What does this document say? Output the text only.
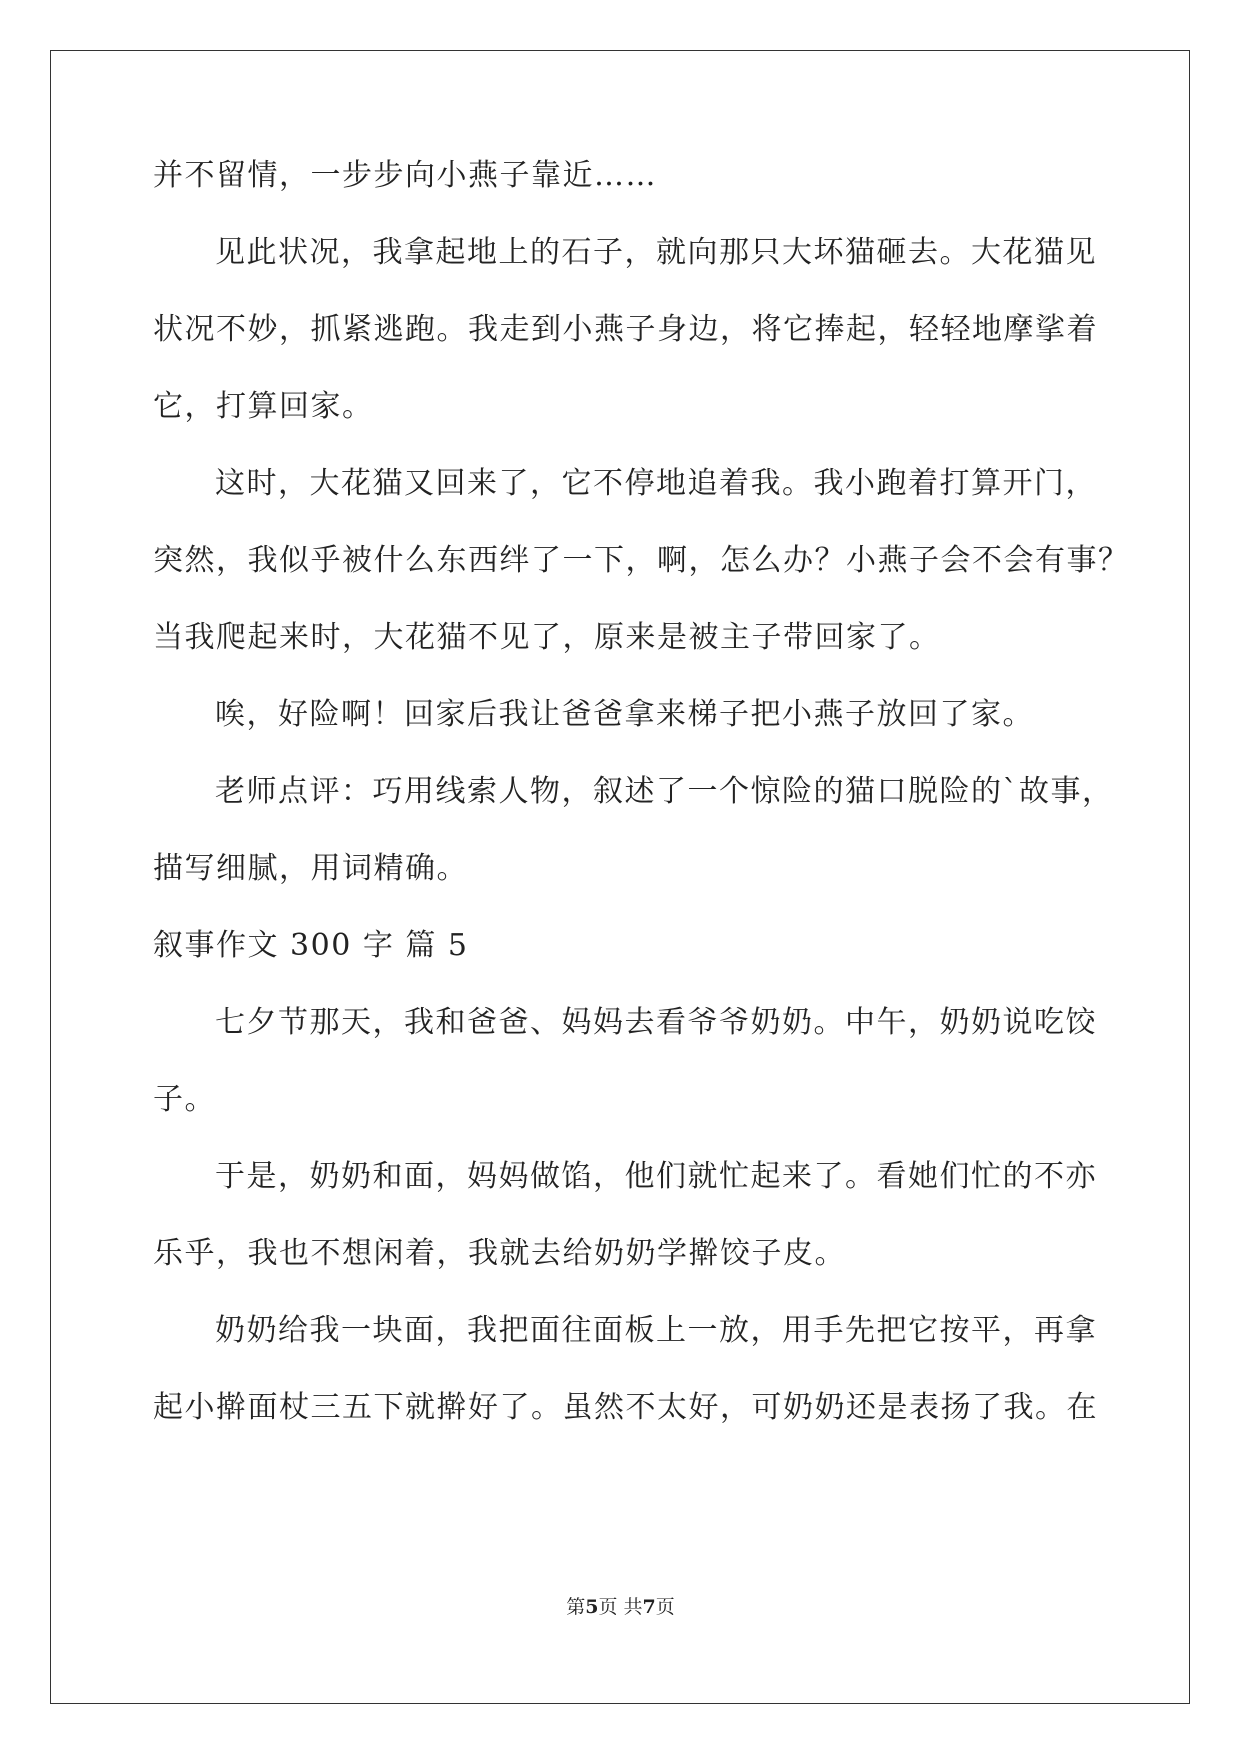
并不留情，一步步向小燕子靠近……
见此状况，我拿起地上的石子，就向那只大坏猫砸去。大花猫见
状况不妙，抓紧逃跑。我走到小燕子身边，将它捧起，轻轻地摩挲着
它，打算回家。
这时，大花猫又回来了，它不停地追着我。我小跑着打算开门，
突然，我似乎被什么东西绊了一下，啊，怎么办？小燕子会不会有事？
当我爬起来时，大花猫不见了，原来是被主子带回家了。
唉，好险啊！回家后我让爸爸拿来梯子把小燕子放回了家。
老师点评：巧用线索人物，叙述了一个惊险的猫口脱险的`故事，
描写细腻，用词精确。
叙事作文 300 字 篇 5
七夕节那天，我和爸爸、妈妈去看爷爷奶奶。中午，奶奶说吃饺
子。
于是，奶奶和面，妈妈做馅，他们就忙起来了。看她们忙的不亦
乐乎，我也不想闲着，我就去给奶奶学擀饺子皮。
奶奶给我一块面，我把面往面板上一放，用手先把它按平，再拿
起小擀面杖三五下就擀好了。虽然不太好，可奶奶还是表扬了我。在
第5页 共7页
